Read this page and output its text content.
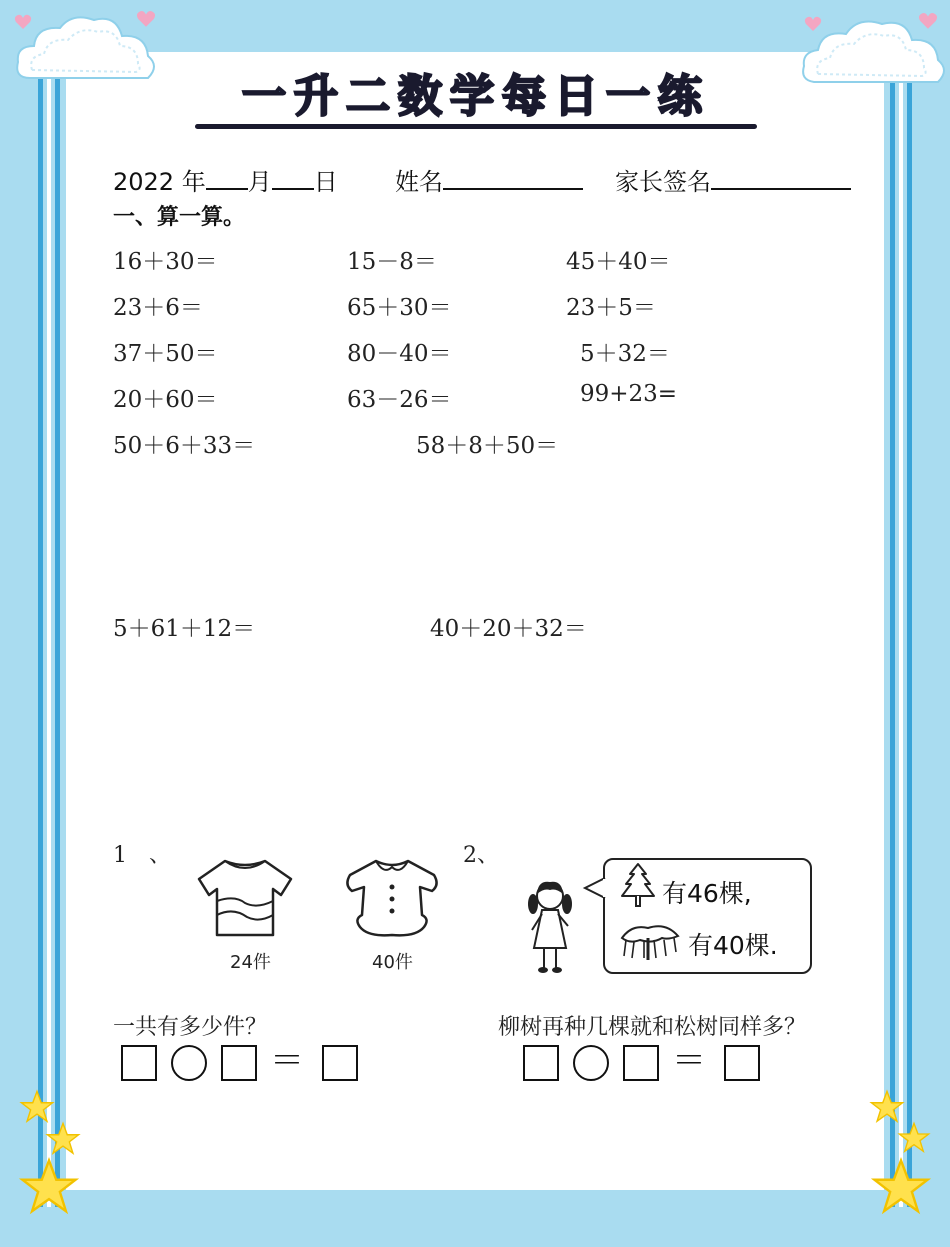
一升二数学每日一练
2022 年 月 日 姓名	家长签名
一、算一算。
16＋30＝	15－8＝	45＋40＝
23＋6＝	65＋30＝	23＋5＝
37＋50＝	80－40＝	5＋32＝
20＋60＝	63－26＝	99+23=
50＋6＋33＝	58＋8＋50＝
5＋61＋12＝	40＋20＋32＝
1　、
24件	40件
2、
有46棵,
有40棵.
一共有多少件？	柳树再种几棵就和松树同样多？
＝	＝
